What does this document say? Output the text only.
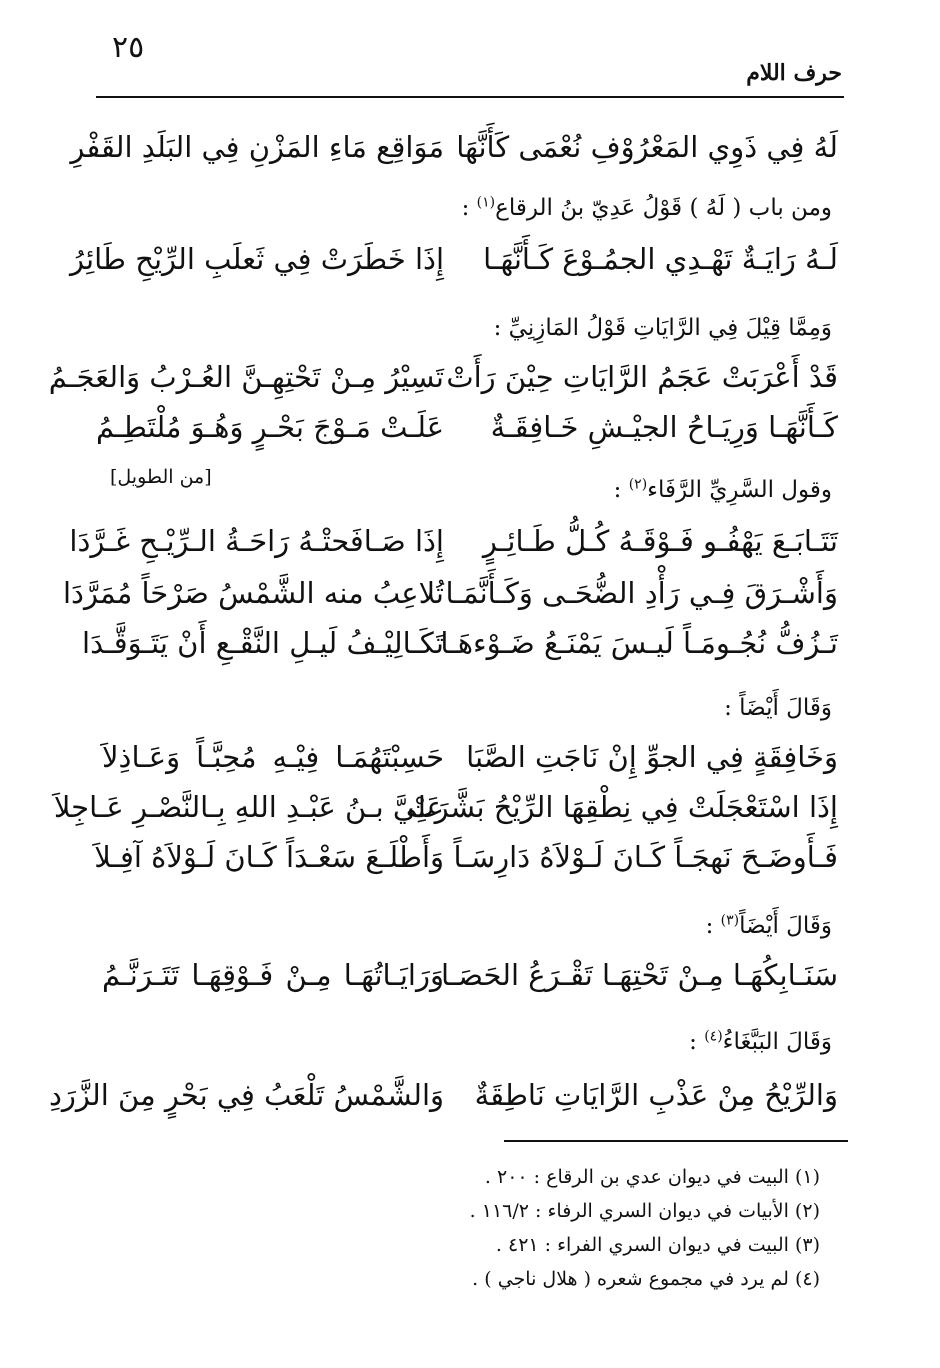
٢٥
حرف اللام
لَهُ فِي ذَوِي المَعْرُوْفِ نُعْمَى كَأَنَّهَا
مَوَاقِع مَاءِ المَزْنِ فِي البَلَدِ القَفْرِ
ومن باب ( لَهُ ) قَوْلُ عَدِيّ بنُ الرقاع$^{(١)}$ :
لَـهُ رَايَـةٌ تَهْـدِي الجمُـوْعَ كَـأَنَّهَـا
إِذَا خَطَرَتْ فِي ثَعلَبِ الرِّيْحِ طَائِرُ
وَمِمَّا قِيْلَ فِي الرَّايَاتِ قَوْلُ المَازِنِيِّ :
قَدْ أَعْرَبَتْ عَجَمُ الرَّايَاتِ حِيْنَ رَأَتْ
تَسِيْرُ مِـنْ تَحْتِهِـنَّ العُـرْبُ وَالعَجَـمُ
كَـأَنَّهَـا وَرِيَـاحُ الجيْـشِ خَـافِقَـةٌ
عَلَـتْ مَـوْجَ بَحْـرٍ وَهُـوَ مُلْتَطِـمُ
وقول السَّرِيِّ الرَّفَاء$^{(٢)}$ :
[من الطويل]
تَتَـابَـعَ يَهْفُـو فَـوْقَـهُ كُـلُّ طَـائِـرٍ
إِذَا صَـافَحتْـهُ رَاحَـةُ الـرِّيْـحِ غَـرَّدَا
وَأَشْـرَقَ فِـي رَأْدِ الضُّحَـى وَكَـأَنَّمَـا
تُلاعِبُ منه الشَّمْسُ صَرْحَاً مُمَرَّدَا
تَـزُفُّ نُجُـومَـاً لَيـسَ يَمْنَـعُ ضَـوْءهَـا
تَكَـالِيْـفُ لَيـلِ النَّقْـعِ أَنْ يَتَـوَقَّـدَا
وَقَالَ أَيْضَاً :
وَخَافِقَةٍ فِي الجوِّ إِنْ نَاجَتِ الصَّبَا
حَسِبْتَهُمَـا فِيْـهِ مُحِبَّـاً وَعَـاذِلاَ
إِذَا اسْتَعْجَلَتْ فِي نِطْقِهَا الرِّيْحُ بَشَّرَتْ
عَلِيَّ بـنُ عَبْـدِ اللهِ بِـالنَّصْـرِ عَـاجِلاَ
فَـأَوضَـحَ نَهجَـاً كَـانَ لَـوْلاَهُ دَارِسَـاً
وَأَطْلَـعَ سَعْـدَاً كَـانَ لَـوْلاَهُ آفِـلاَ
وَقَالَ أَيْضَاً$^{(٣)}$ :
سَنَـابِكُهَـا مِـنْ تَحْتِهَـا تَقْـرَعُ الحَصَـا
وَرَايَـاتُهَـا مِـنْ فَـوْقِهَـا تَتَـرَنَّـمُ
وَقَالَ البَبَّغَاءُ$^{(٤)}$ :
وَالرِّيْحُ مِنْ عَذْبِ الرَّايَاتِ نَاطِقَةٌ
وَالشَّمْسُ تَلْعَبُ فِي بَحْرٍ مِنَ الزَّرَدِ
(١) البيت في ديوان عدي بن الرقاع : ٢٠٠ .
(٢) الأبيات في ديوان السري الرفاء : ١١٦/٢ .
(٣) البيت في ديوان السري الفراء : ٤٢١ .
(٤) لم يرد في مجموع شعره ( هلال ناجي ) .
